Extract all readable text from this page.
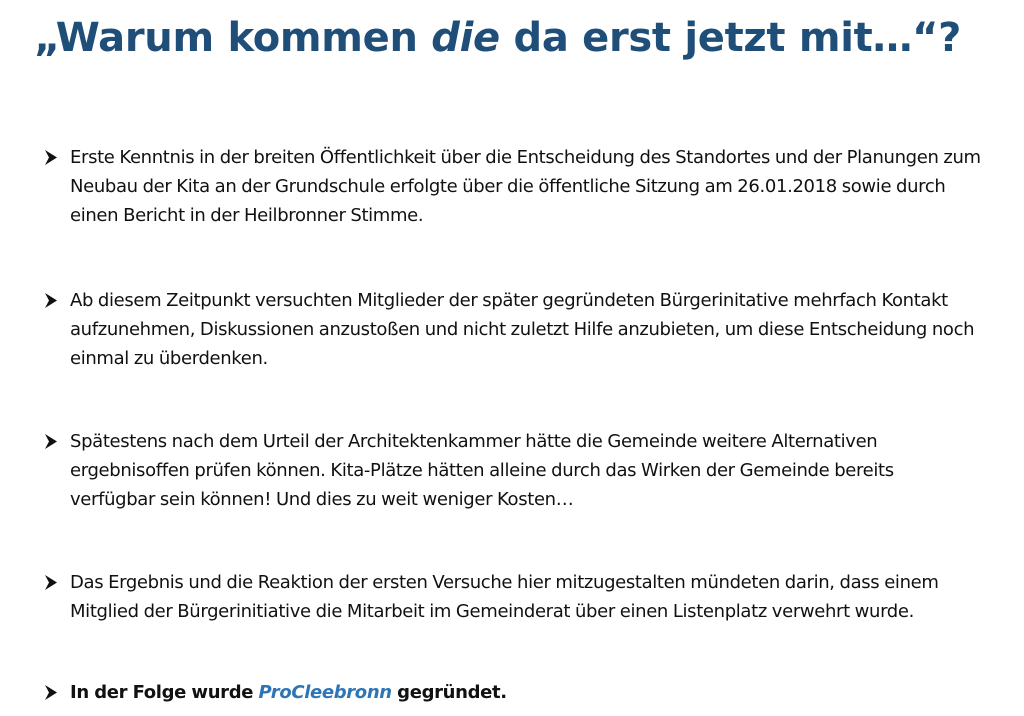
„Warum kommen die da erst jetzt mit…“?
Erste Kenntnis in der breiten Öffentlichkeit über die Entscheidung des Standortes und der Planungen zum Neubau der Kita an der Grundschule erfolgte über die öffentliche Sitzung am 26.01.2018 sowie durch einen Bericht in der Heilbronner Stimme.
Ab diesem Zeitpunkt versuchten Mitglieder der später gegründeten Bürgerinitative mehrfach Kontakt aufzunehmen, Diskussionen anzustoßen und nicht zuletzt Hilfe anzubieten, um diese Entscheidung noch einmal zu überdenken.
Spätestens nach dem Urteil der Architektenkammer hätte die Gemeinde weitere Alternativen ergebnisoffen prüfen können. Kita-Plätze hätten alleine durch das Wirken der Gemeinde bereits verfügbar sein können! Und dies zu weit weniger Kosten…
Das Ergebnis und die Reaktion der ersten Versuche hier mitzugestalten mündeten darin, dass einem Mitglied der Bürgerinitiative die Mitarbeit im Gemeinderat über einen Listenplatz verwehrt wurde.
In der Folge wurde ProCleebronn gegründet.
